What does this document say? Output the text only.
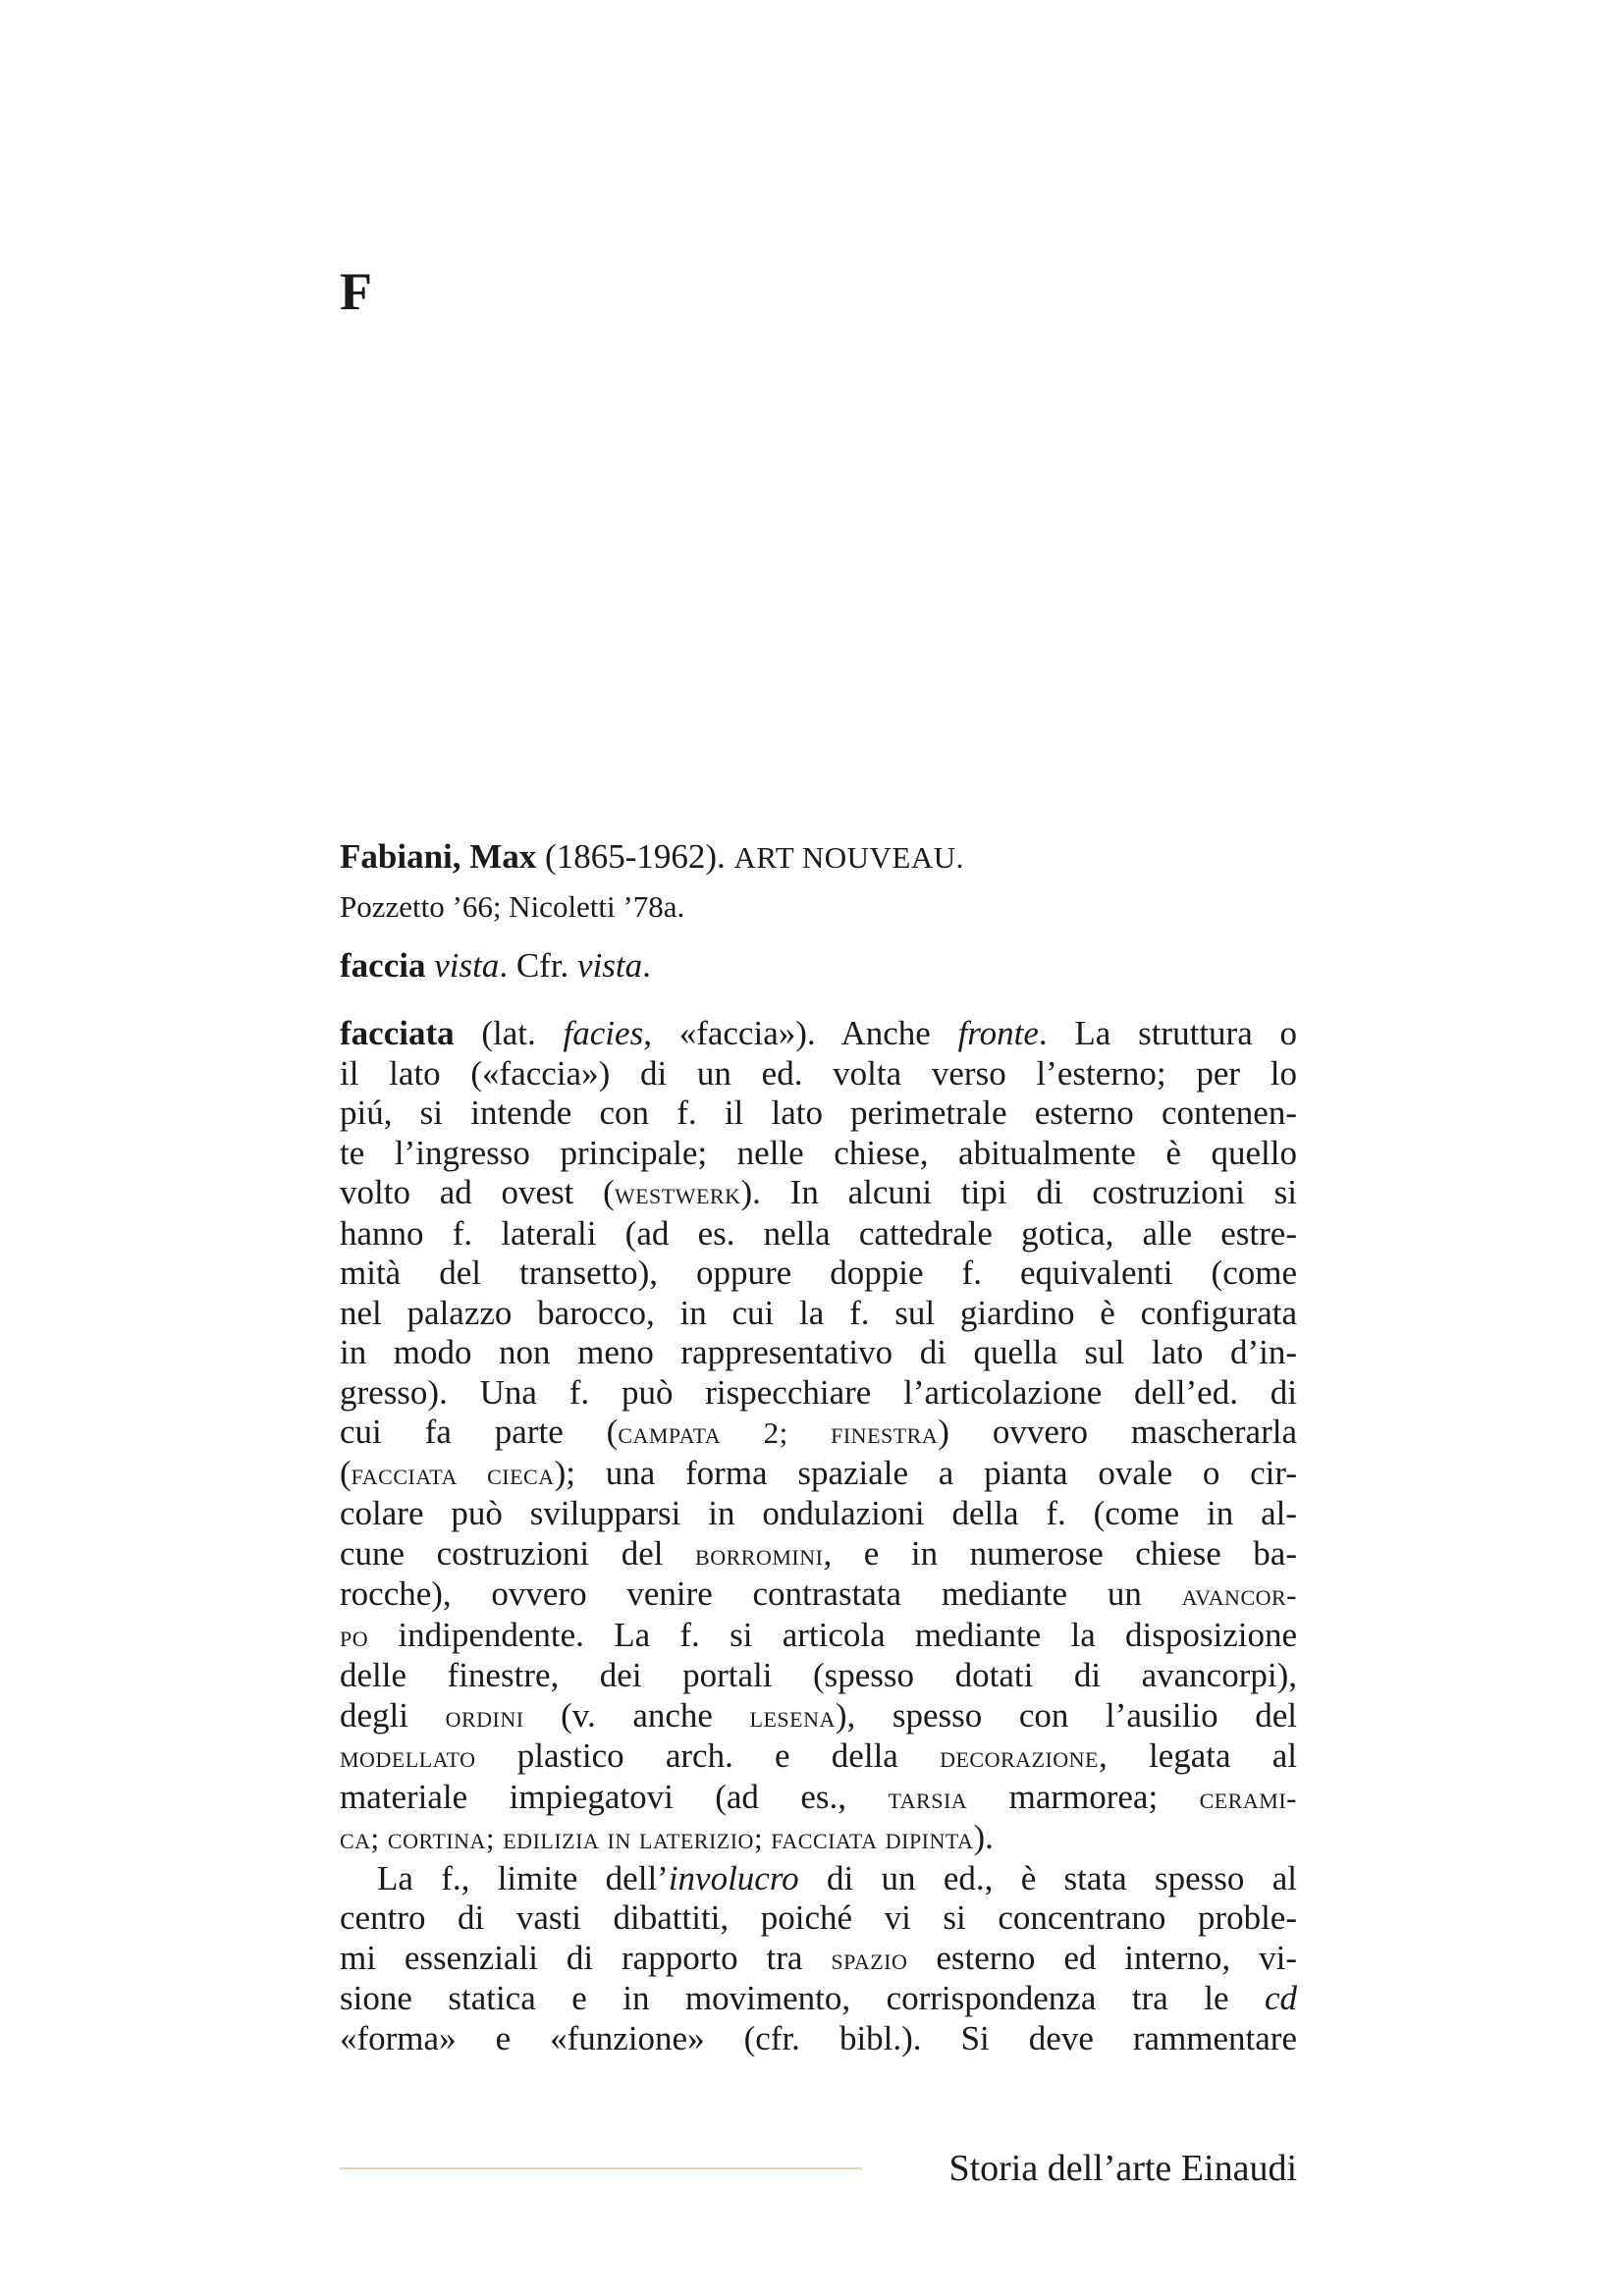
F

Fabiani, Max (1865-1962). ART NOUVEAU.

Pozzetto ’66; Nicoletti ’78a.

faccia vista. Cfr. vista.

facciata (lat. facies, «faccia»). Anche fronte. La struttura o

il lato («faccia») di un ed. volta verso l’esterno; per lo

piú, si intende con f. il lato perimetrale esterno contenen-

te l’ingresso principale; nelle chiese, abitualmente è quello

volto ad ovest (westwerk). In alcuni tipi di costruzioni si

hanno f. laterali (ad es. nella cattedrale gotica, alle estre-

mità del transetto), oppure doppie f. equivalenti (come

nel palazzo barocco, in cui la f. sul giardino è configurata

in modo non meno rappresentativo di quella sul lato d’in-

gresso). Una f. può rispecchiare l’articolazione dell’ed. di

cui fa parte (campata 2; finestra) ovvero mascherarla

(facciata cieca); una forma spaziale a pianta ovale o cir-

colare può svilupparsi in ondulazioni della f. (come in al-

cune costruzioni del borromini, e in numerose chiese ba-

rocche), ovvero venire contrastata mediante un avancor-

po indipendente. La f. si articola mediante la disposizione

delle finestre, dei portali (spesso dotati di avancorpi),

degli ordini (v. anche lesena), spesso con l’ausilio del

modellato plastico arch. e della decorazione, legata al

materiale impiegatovi (ad es., tarsia marmorea; cerami-

ca; cortina; edilizia in laterizio; facciata dipinta).

La f., limite dell’involucro di un ed., è stata spesso al

centro di vasti dibattiti, poiché vi si concentrano proble-

mi essenziali di rapporto tra spazio esterno ed interno, vi-

sione statica e in movimento, corrispondenza tra le cd

«forma» e «funzione» (cfr. bibl.). Si deve rammentare

Storia dell’arte Einaudi
